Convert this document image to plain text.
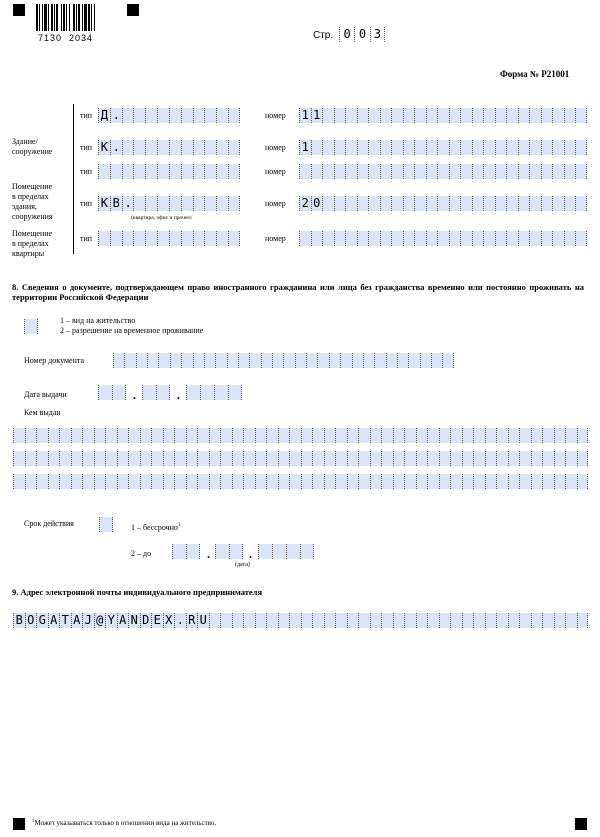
7130  2034	Стр. 0 0 3
Форма № Р21001
Здание/
сооружение
Помещение
в пределах
здания,
сооружения
Помещение
в пределах
квартиры
тип Д .	номер 1 1
тип К .	номер 1
тип	номер
тип К В .	номер 2 0
тип	номер
(квартира, офис и прочее)
8. Сведения о документе, подтверждающем право иностранного гражданина или лица без гражданства временно или постоянно проживать на территории Российской Федерации
1 – вид на жительство
2 – разрешение на временное проживание
Номер документа
Дата выдачи	.	.
Кем выдан
Срок действия	1 – бессрочно$^1$
2 – до	.	.
(дата)
9. Адрес электронной почты индивидуального предпринимателя
B O G A T A J @ Y A N D E X . R U
$^1$Может указываться только в отношении вида на жительство.
